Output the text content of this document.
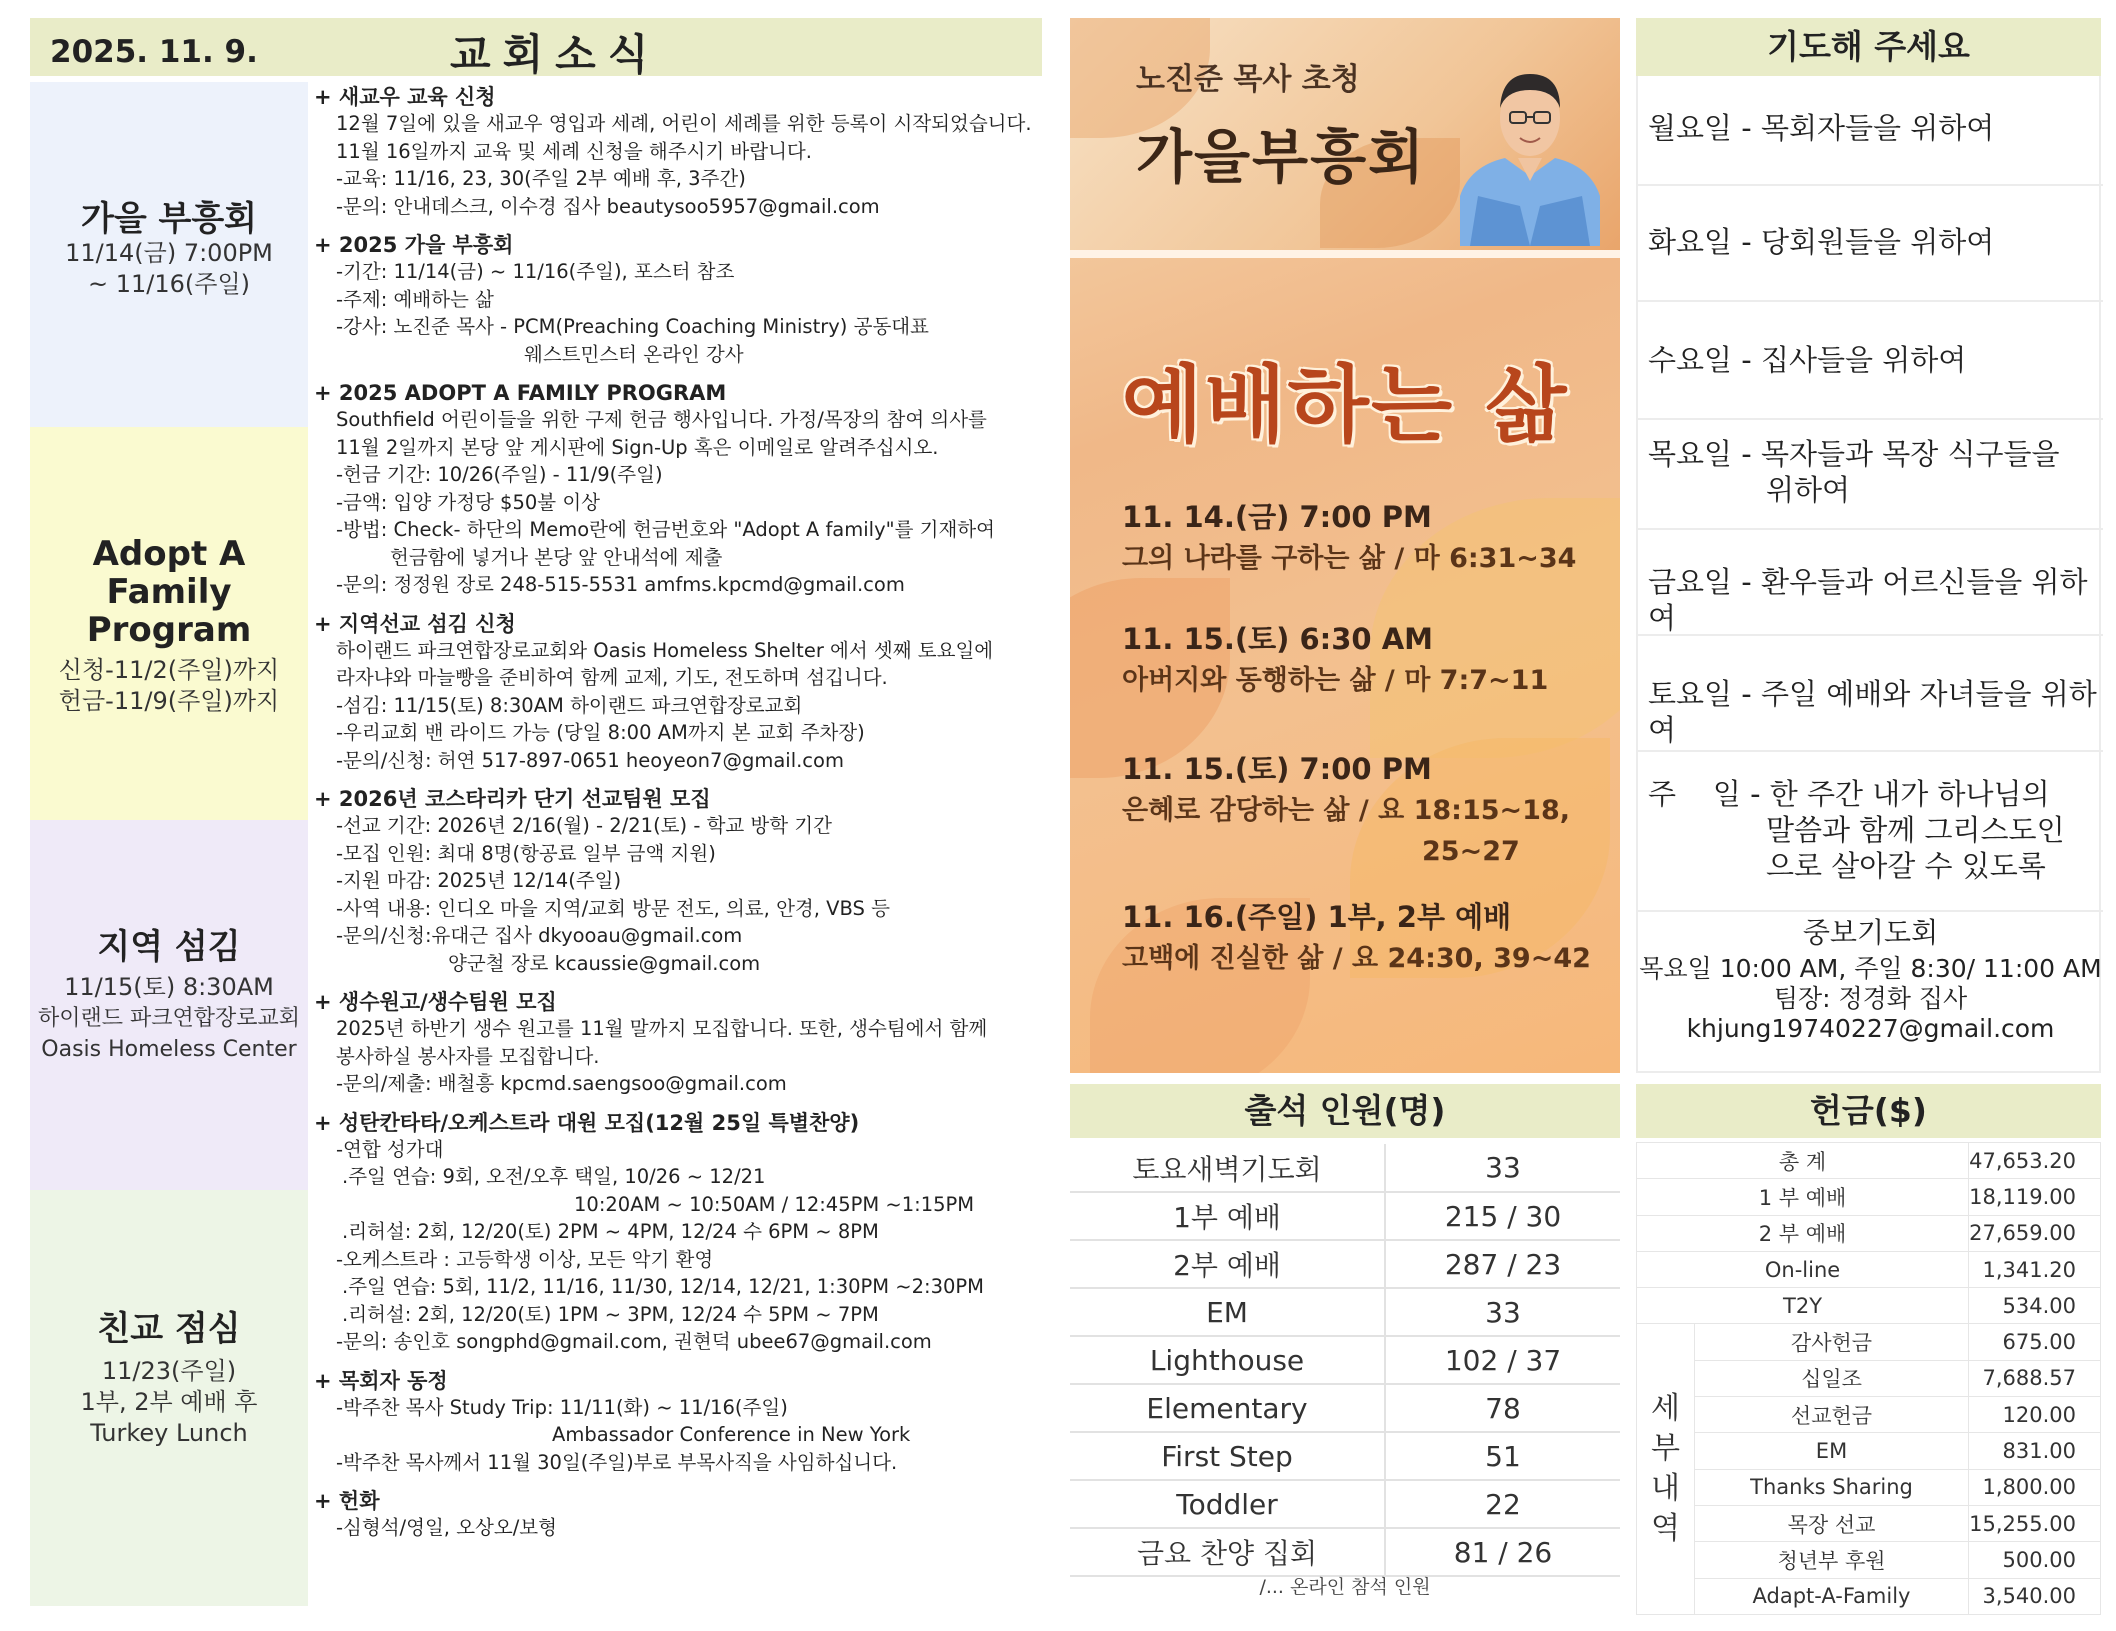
2025. 11. 9.	교회소식
가을 부흥회

11/14(금) 7:00PM

~ 11/16(주일)

Adopt A Family Program

신청-11/2(주일)까지

헌금-11/9(주일)까지

지역 섬김

11/15(토) 8:30AM

하이랜드 파크연합장로교회

Oasis Homeless Center

친교 점심

11/23(주일)

1부, 2부 예배 후

Turkey Lunch

+ 새교우 교육 신청
12월 7일에 있을 새교우 영입과 세례, 어린이 세례를 위한 등록이 시작되었습니다.
11월 16일까지 교육 및 세례 신청을 해주시기 바랍니다.
-교육: 11/16, 23, 30(주일 2부 예배 후, 3주간)
-문의: 안내데스크, 이수경 집사 beautysoo5957@gmail.com
+ 2025 가을 부흥회
-기간: 11/14(금) ~ 11/16(주일), 포스터 참조
-주제: 예배하는 삶
-강사: 노진준 목사 - PCM(Preaching Coaching Ministry) 공동대표
웨스트민스터 온라인 강사
+ 2025 ADOPT A FAMILY PROGRAM
Southfield 어린이들을 위한 구제 헌금 행사입니다. 가정/목장의 참여 의사를
11월 2일까지 본당 앞 게시판에 Sign-Up 혹은 이메일로 알려주십시오.
-헌금 기간: 10/26(주일) - 11/9(주일)
-금액: 입양 가정당 $50불 이상
-방법: Check- 하단의 Memo란에 헌금번호와 "Adopt A family"를 기재하여
헌금함에 넣거나 본당 앞 안내석에 제출
-문의: 정정원 장로 248-515-5531 amfms.kpcmd@gmail.com
+ 지역선교 섬김 신청
하이랜드 파크연합장로교회와 Oasis Homeless Shelter 에서 셋째 토요일에
라자냐와 마늘빵을 준비하여 함께 교제, 기도, 전도하며 섬깁니다.
-섬김: 11/15(토) 8:30AM 하이랜드 파크연합장로교회
-우리교회 밴 라이드 가능 (당일 8:00 AM까지 본 교회 주차장)
-문의/신청: 허연 517-897-0651 heoyeon7@gmail.com
+ 2026년 코스타리카 단기 선교팀원 모집
-선교 기간: 2026년 2/16(월) - 2/21(토) - 학교 방학 기간
-모집 인원: 최대 8명(항공료 일부 금액 지원)
-지원 마감: 2025년 12/14(주일)
-사역 내용: 인디오 마을 지역/교회 방문 전도, 의료, 안경, VBS 등
-문의/신청:유대근 집사 dkyooau@gmail.com
양군철 장로 kcaussie@gmail.com
+ 생수원고/생수팀원 모집
2025년 하반기 생수 원고를 11월 말까지 모집합니다. 또한, 생수팀에서 함께
봉사하실 봉사자를 모집합니다.
-문의/제출: 배철흥 kpcmd.saengsoo@gmail.com
+ 성탄칸타타/오케스트라 대원 모집(12월 25일 특별찬양)
-연합 성가대
.주일 연습: 9회, 오전/오후 택일, 10/26 ~ 12/21
10:20AM ~ 10:50AM / 12:45PM ~1:15PM
.리허설: 2회, 12/20(토) 2PM ~ 4PM, 12/24 수 6PM ~ 8PM
-오케스트라 : 고등학생 이상, 모든 악기 환영
.주일 연습: 5회, 11/2, 11/16, 11/30, 12/14, 12/21, 1:30PM ~2:30PM
.리허설: 2회, 12/20(토) 1PM ~ 3PM, 12/24 수 5PM ~ 7PM
-문의: 송인호 songphd@gmail.com, 권현덕 ubee67@gmail.com
+ 목회자 동정
-박주찬 목사 Study Trip: 11/11(화) ~ 11/16(주일)
Ambassador Conference in New York
-박주찬 목사께서 11월 30일(주일)부로 부목사직을 사임하십니다.
+ 헌화
-심형석/영일, 오상오/보형
노진준 목사 초청
가을부흥회
예배하는 삶
11. 14.(금) 7:00 PM
그의 나라를 구하는 삶 / 마 6:31~34
11. 15.(토) 6:30 AM
아버지와 동행하는 삶 / 마 7:7~11
11. 15.(토) 7:00 PM
은혜로 감당하는 삶 / 요 18:15~18,
25~27
11. 16.(주일) 1부, 2부 예배
고백에 진실한 삶 / 요 24:30, 39~42
출석 인원(명)
토요새벽기도회	33
1부 예배	215 / 30
2부 예배	287 / 23
EM	33
Lighthouse	102 / 37
Elementary	78
First Step	51
Toddler	22
금요 찬양 집회	81 / 26
/... 온라인 참석 인원
기도해 주세요
월요일 - 목회자들을 위하여
화요일 - 당회원들을 위하여
수요일 - 집사들을 위하여
목요일 - 목자들과 목장 식구들을
위하여
금요일 - 환우들과 어르신들을 위하여
토요일 - 주일 예배와 자녀들을 위하여
주    일 - 한 주간 내가 하나님의
말씀과 함께 그리스도인
으로 살아갈 수 있도록
중보기도회
목요일 10:00 AM, 주일 8:30/ 11:00 AM
팀장: 정경화 집사
khjung19740227@gmail.com
헌금($)
총 계		47,653.20
1 부 예배		18,119.00
2 부 예배		27,659.00
On-line		1,341.20
T2Y		534.00
세부내역	감사헌금	675.00
	십일조	7,688.57
	선교헌금	120.00
	EM	831.00
	Thanks Sharing	1,800.00
	목장 선교	15,255.00
	청년부 후원	500.00
	Adapt-A-Family	3,540.00
